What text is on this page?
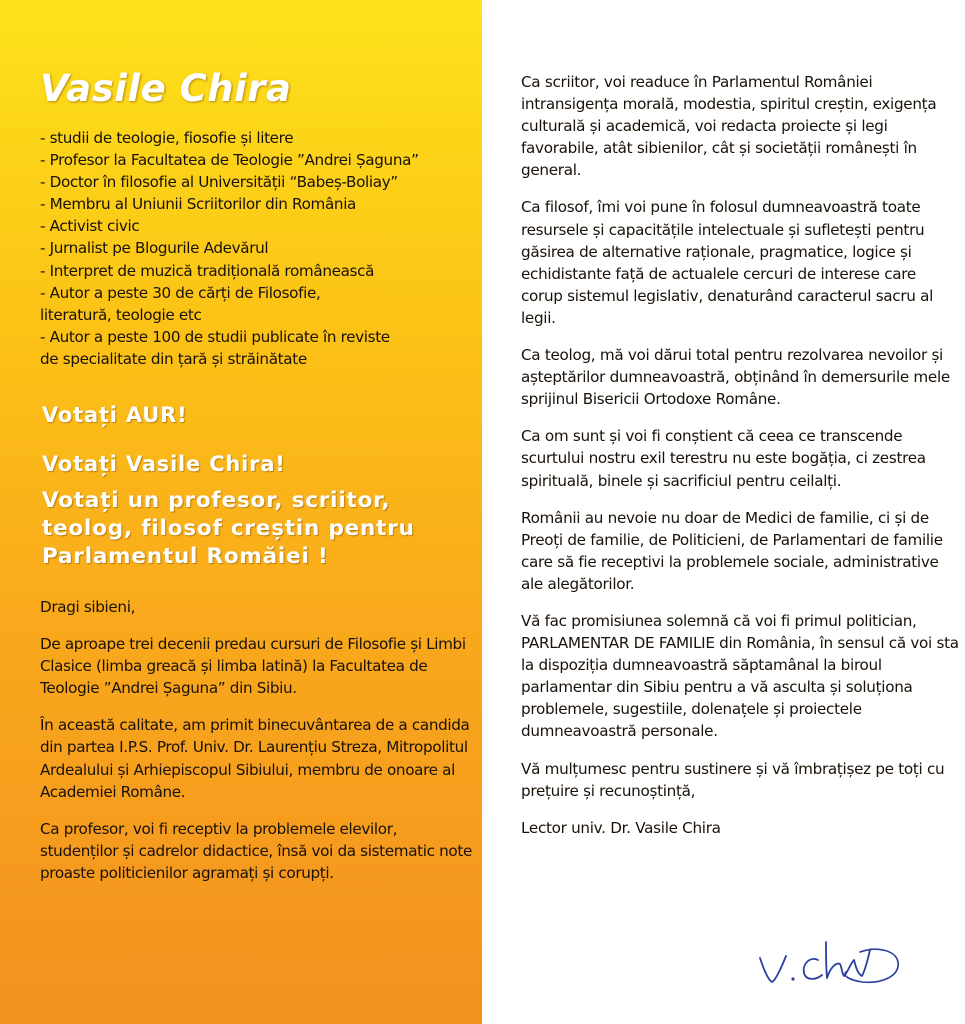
Vasile Chira
- studii de teologie, fiosofie și litere
- Profesor la Facultatea de Teologie ”Andrei Șaguna”
- Doctor în filosofie al Universității “Babeș-Boliay”
- Membru al Uniunii Scriitorilor din România
- Activist civic
- Jurnalist pe Blogurile Adevărul
- Interpret de muzică tradițională românească
- Autor a peste 30 de cărți de Filosofie,
literatură, teologie etc
- Autor a peste 100 de studii publicate în reviste
de specialitate din țară și străinătate

Votați AUR!

Votați Vasile Chira!

Votați un profesor, scriitor, teolog, filosof creștin pentru Parlamentul Romăiei !

Dragi sibieni,

De aproape trei decenii predau cursuri de Filosofie și Limbi Clasice (limba greacă și limba latină) la Facultatea de Teologie ”Andrei Șaguna” din Sibiu.

În această calitate, am primit binecuvântarea de a candida din partea I.P.S. Prof. Univ. Dr. Laurențiu Streza, Mitropolitul Ardealului și Arhiepiscopul Sibiului, membru de onoare al Academiei Române.

Ca profesor, voi fi receptiv la problemele elevilor, studenților și cadrelor didactice, însă voi da sistematic note proaste politicienilor agramați și corupți.

Ca scriitor, voi readuce în Parlamentul României intransigența morală, modestia, spiritul creștin, exigența culturală și academică, voi redacta proiecte și legi favorabile, atât sibienilor, cât și societății românești în general.

Ca filosof, îmi voi pune în folosul dumneavoastră toate resursele și capacitățile intelectuale și sufletești pentru găsirea de alternative raționale, pragmatice, logice și echidistante față de actualele cercuri de interese care corup sistemul legislativ, denaturând caracterul sacru al legii.

Ca teolog, mă voi dărui total pentru rezolvarea nevoilor și așteptărilor dumneavoastră, obținând în demersurile mele sprijinul Bisericii Ortodoxe Române.

Ca om sunt și voi fi conștient că ceea ce transcende scurtului nostru exil terestru nu este bogăția, ci zestrea spirituală, binele și sacrificiul pentru ceilalți.

Românii au nevoie nu doar de Medici de familie, ci și de Preoți de familie, de Politicieni, de Parlamentari de familie care să fie receptivi la problemele sociale, administrative ale alegătorilor.

Vă fac promisiunea solemnă că voi fi primul politician, PARLAMENTAR DE FAMILIE din România, în sensul că voi sta la dispoziția dumneavoastră săptamânal la biroul parlamentar din Sibiu pentru a vă asculta și soluționa problemele, sugestiile, dolenațele și proiectele dumneavoastră personale.

Vă mulțumesc pentru sustinere și vă îmbrațișez pe toți cu prețuire și recunoștință,

Lector univ. Dr. Vasile Chira
